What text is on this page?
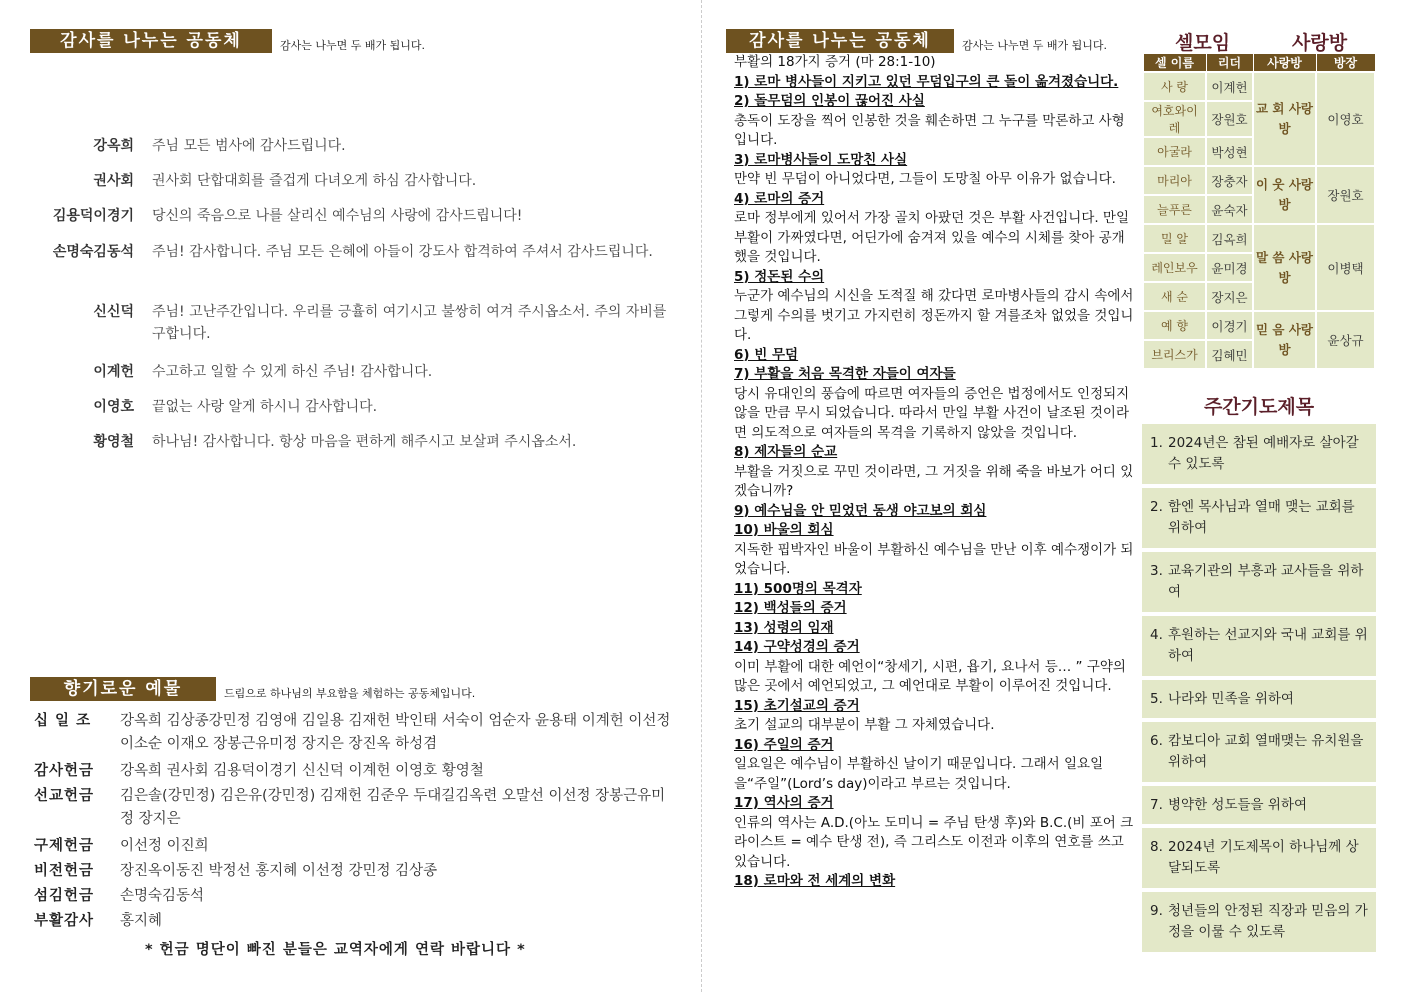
감사를 나누는 공동체	감사는 나누면 두 배가 됩니다.
강옥희 주님 모든 범사에 감사드립니다.
권사회 권사회 단합대회를 즐겁게 다녀오게 하심 감사합니다.
김용덕이경기 당신의 죽음으로 나를 살리신 예수님의 사랑에 감사드립니다!
손명숙김동석 주님! 감사합니다. 주님 모든 은혜에 아들이 강도사 합격하여 주셔서 감사드립니다.
신신덕 주님! 고난주간입니다. 우리를 긍휼히 여기시고 불쌍히 여겨 주시옵소서. 주의 자비를 구합니다.
이계헌 수고하고 일할 수 있게 하신 주님! 감사합니다.
이영호 끝없는 사랑 알게 하시니 감사합니다.
황영철 하나님! 감사합니다. 항상 마음을 편하게 해주시고 보살펴 주시옵소서.
향기로운 예물	드림으로 하나님의 부요함을 체험하는 공동체입니다.
십 일 조	강옥희 김상종강민정 김영애 김일용 김재헌 박인태 서숙이 엄순자 윤용태 이계헌 이선정 이소순 이재오 장봉근유미정 장지은 장진옥 하성겸
감사헌금	강옥희 권사회 김용덕이경기 신신덕 이계헌 이영호 황영철
선교헌금	김은솔(강민정) 김은유(강민정) 김재헌 김준우 두대길김옥련 오말선 이선정 장봉근유미정 장지은
구제헌금	이선정 이진희
비전헌금	장진옥이동진 박정선 홍지혜 이선정 강민정 김상종
섬김헌금	손명숙김동석
부활감사	홍지혜
* 헌금 명단이 빠진 분들은 교역자에게 연락 바랍니다 *
감사를 나누는 공동체	감사는 나누면 두 배가 됩니다.
부활의 18가지 증거 (마 28:1-10)
1) 로마 병사들이 지키고 있던 무덤입구의 큰 돌이 옮겨졌습니다.
2) 돌무덤의 인봉이 끊어진 사실
총독이 도장을 찍어 인봉한 것을 훼손하면 그 누구를 막론하고 사형입니다.
3) 로마병사들이 도망친 사실
만약 빈 무덤이 아니었다면, 그들이 도망칠 아무 이유가 없습니다.
4) 로마의 증거
로마 정부에게 있어서 가장 골치 아팠던 것은 부활 사건입니다. 만일 부활이 가짜였다면, 어딘가에 숨겨져 있을 예수의 시체를 찾아 공개했을 것입니다.
5) 정돈된 수의
누군가 예수님의 시신을 도적질 해 갔다면 로마병사들의 감시 속에서 그렇게 수의를 벗기고 가지런히 정돈까지 할 겨를조차 없었을 것입니다.
6) 빈 무덤
7) 부활을 처음 목격한 자들이 여자들
당시 유대인의 풍습에 따르면 여자들의 증언은 법정에서도 인정되지 않을 만큼 무시 되었습니다. 따라서 만일 부활 사건이 날조된 것이라면 의도적으로 여자들의 목격을 기록하지 않았을 것입니다.
8) 제자들의 순교
부활을 거짓으로 꾸민 것이라면, 그 거짓을 위해 죽을 바보가 어디 있겠습니까?
9) 예수님을 안 믿었던 동생 야고보의 회심
10) 바울의 회심
지독한 핍박자인 바울이 부활하신 예수님을 만난 이후 예수쟁이가 되었습니다.
11) 500명의 목격자
12) 백성들의 증거
13) 성령의 임재
14) 구약성경의 증거
이미 부활에 대한 예언이“창세기, 시편, 욥기, 요나서 등… ” 구약의 많은 곳에서 예언되었고, 그 예언대로 부활이 이루어진 것입니다.
15) 초기설교의 증거
초기 설교의 대부분이 부활 그 자체였습니다.
16) 주일의 증거
일요일은 예수님이 부활하신 날이기 때문입니다. 그래서 일요일을“주일”(Lord’s day)이라고 부르는 것입니다.
17) 역사의 증거
인류의 역사는 A.D.(아노 도미니 = 주님 탄생 후)와 B.C.(비 포어 크라이스트 = 예수 탄생 전), 즉 그리스도 이전과 이후의 연호를 쓰고 있습니다.
18) 로마와 전 세계의 변화
셀모임	사랑방
셀 이름	리더	사랑방	방장
사 랑	이계헌	교 회 사랑방	이영호
여호와이 레	장원호		
아굴라	박성현		
마리아	장충자	이 웃 사랑방	장원호
늘푸른	윤숙자		
밀 알	김옥희	말 씀 사랑방	이병택
레인보우	윤미경		
새 순	장지은		
예 향	이경기	믿 음 사랑방	윤상규
브리스가	김혜민		
주간기도제목
1. 2024년은 참된 예배자로 살아갈 수 있도록
2. 함엔 목사님과 열매 맺는 교회를 위하여
3. 교육기관의 부흥과 교사들을 위하여
4. 후원하는 선교지와 국내 교회를 위하여
5. 나라와 민족을 위하여
6. 캄보디아 교회 열매맺는 유치원을 위하여
7. 병약한 성도들을 위하여
8. 2024년 기도제목이 하나님께 상달되도록
9. 청년들의 안정된 직장과 믿음의 가정을 이룰 수 있도록
